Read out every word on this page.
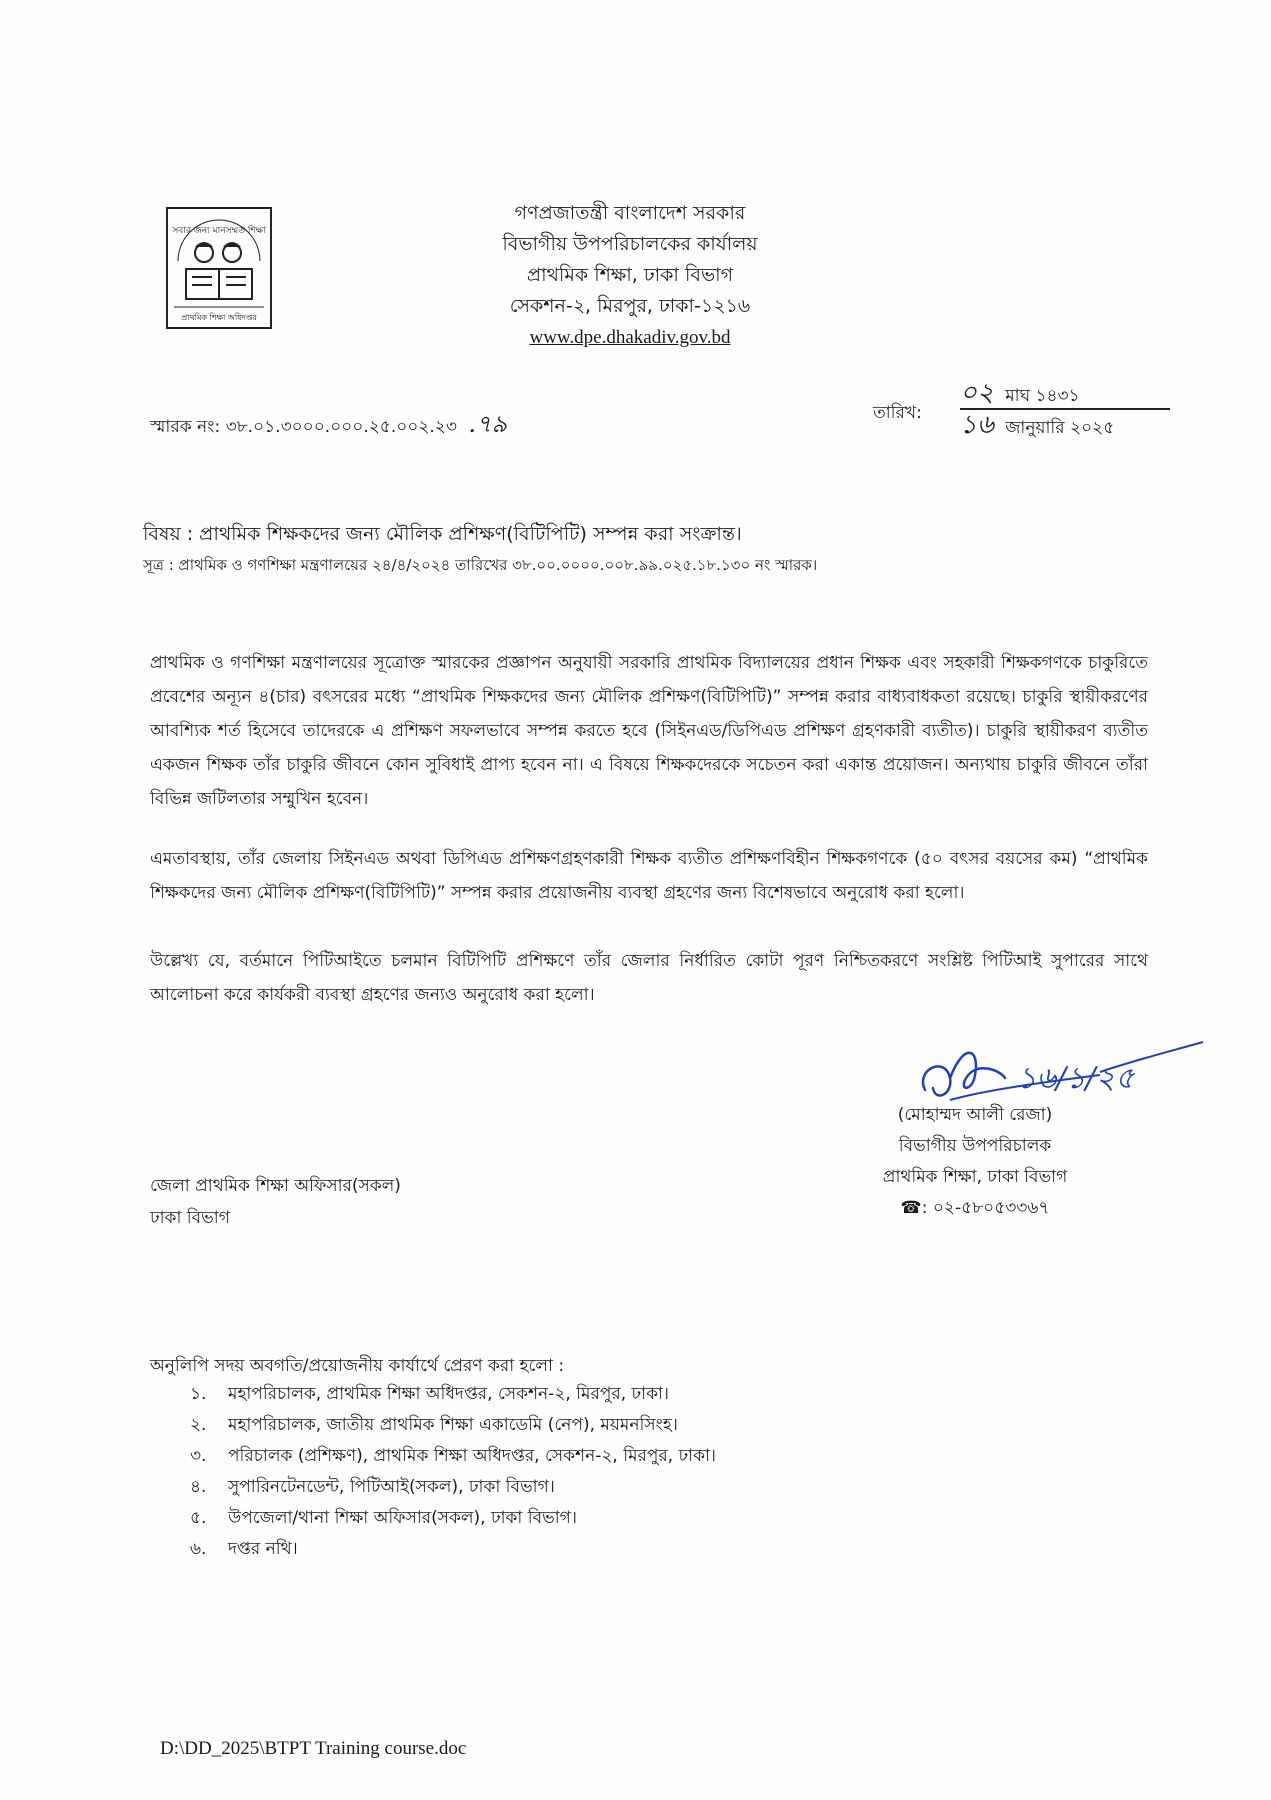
সবার জন্য মানসম্মত শিক্ষা
প্রাথমিক শিক্ষা অধিদপ্তর
গণপ্রজাতন্ত্রী বাংলাদেশ সরকার
বিভাগীয় উপপরিচালকের কার্যালয়
প্রাথমিক শিক্ষা, ঢাকা বিভাগ
সেকশন-২, মিরপুর, ঢাকা-১২১৬
www.dpe.dhakadiv.gov.bd
স্মারক নং: ৩৮.০১.৩০০০.০০০.২৫.০০২.২৩ .৭৯	তারিখ:
০২ মাঘ ১৪৩১
১৬ জানুয়ারি ২০২৫
বিষয় : প্রাথমিক শিক্ষকদের জন্য মৌলিক প্রশিক্ষণ(বিটিপিটি) সম্পন্ন করা সংক্রান্ত।
সূত্র : প্রাথমিক ও গণশিক্ষা মন্ত্রণালয়ের ২৪/৪/২০২৪ তারিখের ৩৮.০০.০০০০.০০৮.৯৯.০২৫.১৮.১৩০ নং স্মারক।
প্রাথমিক ও গণশিক্ষা মন্ত্রণালয়ের সূত্রোক্ত স্মারকের প্রজ্ঞাপন অনুযায়ী সরকারি প্রাথমিক বিদ্যালয়ের প্রধান শিক্ষক এবং সহকারী শিক্ষকগণকে চাকুরিতে প্রবেশের অন্যূন ৪(চার) বৎসরের মধ্যে “প্রাথমিক শিক্ষকদের জন্য মৌলিক প্রশিক্ষণ(বিটিপিটি)” সম্পন্ন করার বাধ্যবাধকতা রয়েছে। চাকুরি স্থায়ীকরণের আবশ্যিক শর্ত হিসেবে তাদেরকে এ প্রশিক্ষণ সফলভাবে সম্পন্ন করতে হবে (সিইনএড/ডিপিএড প্রশিক্ষণ গ্রহণকারী ব্যতীত)। চাকুরি স্থায়ীকরণ ব্যতীত একজন শিক্ষক তাঁর চাকুরি জীবনে কোন সুবিধাই প্রাপ্য হবেন না। এ বিষয়ে শিক্ষকদেরকে সচেতন করা একান্ত প্রয়োজন। অন্যথায় চাকুরি জীবনে তাঁরা বিভিন্ন জটিলতার সম্মুখিন হবেন।
এমতাবস্থায়, তাঁর জেলায় সিইনএড অথবা ডিপিএড প্রশিক্ষণগ্রহণকারী শিক্ষক ব্যতীত প্রশিক্ষণবিহীন শিক্ষকগণকে (৫০ বৎসর বয়সের কম) “প্রাথমিক শিক্ষকদের জন্য মৌলিক প্রশিক্ষণ(বিটিপিটি)” সম্পন্ন করার প্রয়োজনীয় ব্যবস্থা গ্রহণের জন্য বিশেষভাবে অনুরোধ করা হলো।
উল্লেখ্য যে, বর্তমানে পিটিআইতে চলমান বিটিপিটি প্রশিক্ষণে তাঁর জেলার নির্ধারিত কোটা পূরণ নিশ্চিতকরণে সংশ্লিষ্ট পিটিআই সুপারের সাথে আলোচনা করে কার্যকরী ব্যবস্থা গ্রহণের জন্যও অনুরোধ করা হলো।
১৬/১/২৫
(মোহাম্মদ আলী রেজা)
বিভাগীয় উপপরিচালক
প্রাথমিক শিক্ষা, ঢাকা বিভাগ
☎: ০২-৫৮০৫৩৩৬৭
জেলা প্রাথমিক শিক্ষা অফিসার(সকল)
ঢাকা বিভাগ
অনুলিপি সদয় অবগতি/প্রয়োজনীয় কার্যার্থে প্রেরণ করা হলো :
১. মহাপরিচালক, প্রাথমিক শিক্ষা অধিদপ্তর, সেকশন-২, মিরপুর, ঢাকা।
২. মহাপরিচালক, জাতীয় প্রাথমিক শিক্ষা একাডেমি (নেপ), ময়মনসিংহ।
৩. পরিচালক (প্রশিক্ষণ), প্রাথমিক শিক্ষা অধিদপ্তর, সেকশন-২, মিরপুর, ঢাকা।
৪. সুপারিনটেনডেন্ট, পিটিআই(সকল), ঢাকা বিভাগ।
৫. উপজেলা/থানা শিক্ষা অফিসার(সকল), ঢাকা বিভাগ।
৬. দপ্তর নথি।
D:\DD_2025\BTPT Training course.doc
